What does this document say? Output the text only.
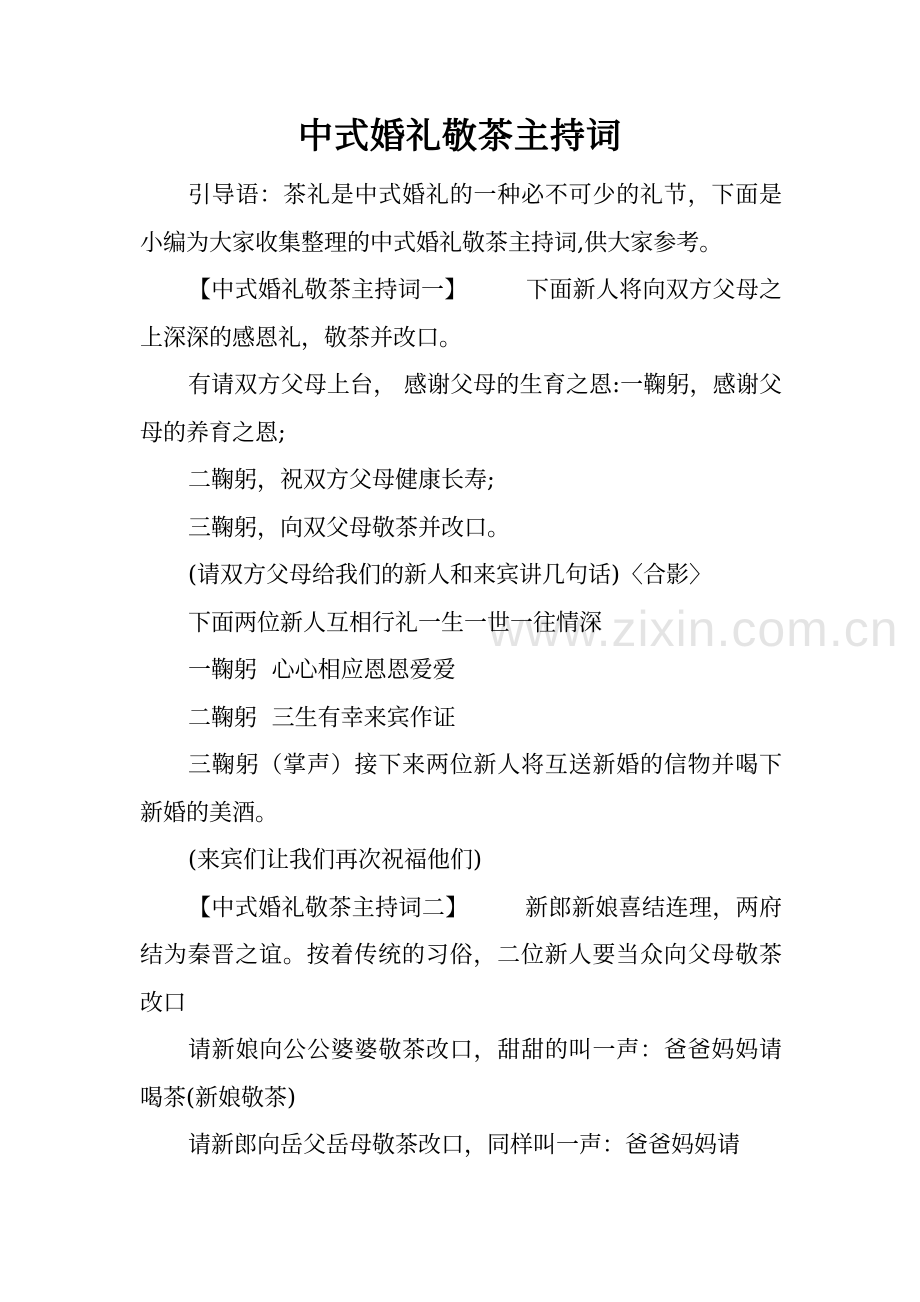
中式婚礼敬茶主持词

引导语：茶礼是中式婚礼的一种必不可少的礼节，下面是小编为大家收集整理的中式婚礼敬茶主持词,供大家参考。

【中式婚礼敬茶主持词一】	下面新人将向双方父母之上深深的感恩礼，敬茶并改口。

有请双方父母上台， 感谢父母的生育之恩:一鞠躬，感谢父母的养育之恩;

二鞠躬，祝双方父母健康长寿;

三鞠躬，向双父母敬茶并改口。

(请双方父母给我们的新人和来宾讲几句话)〈合影〉

下面两位新人互相行礼一生一世一往情深

一鞠躬  心心相应恩恩爱爱

二鞠躬  三生有幸来宾作证

三鞠躬（掌声）接下来两位新人将互送新婚的信物并喝下新婚的美酒。

(来宾们让我们再次祝福他们)

【中式婚礼敬茶主持词二】 新郎新娘喜结连理，两府结为秦晋之谊。按着传统的习俗，二位新人要当众向父母敬茶改口

请新娘向公公婆婆敬茶改口，甜甜的叫一声：爸爸妈妈请喝茶(新娘敬茶)

请新郎向岳父岳母敬茶改口，同样叫一声：爸爸妈妈请

www.zixin.com.cn
